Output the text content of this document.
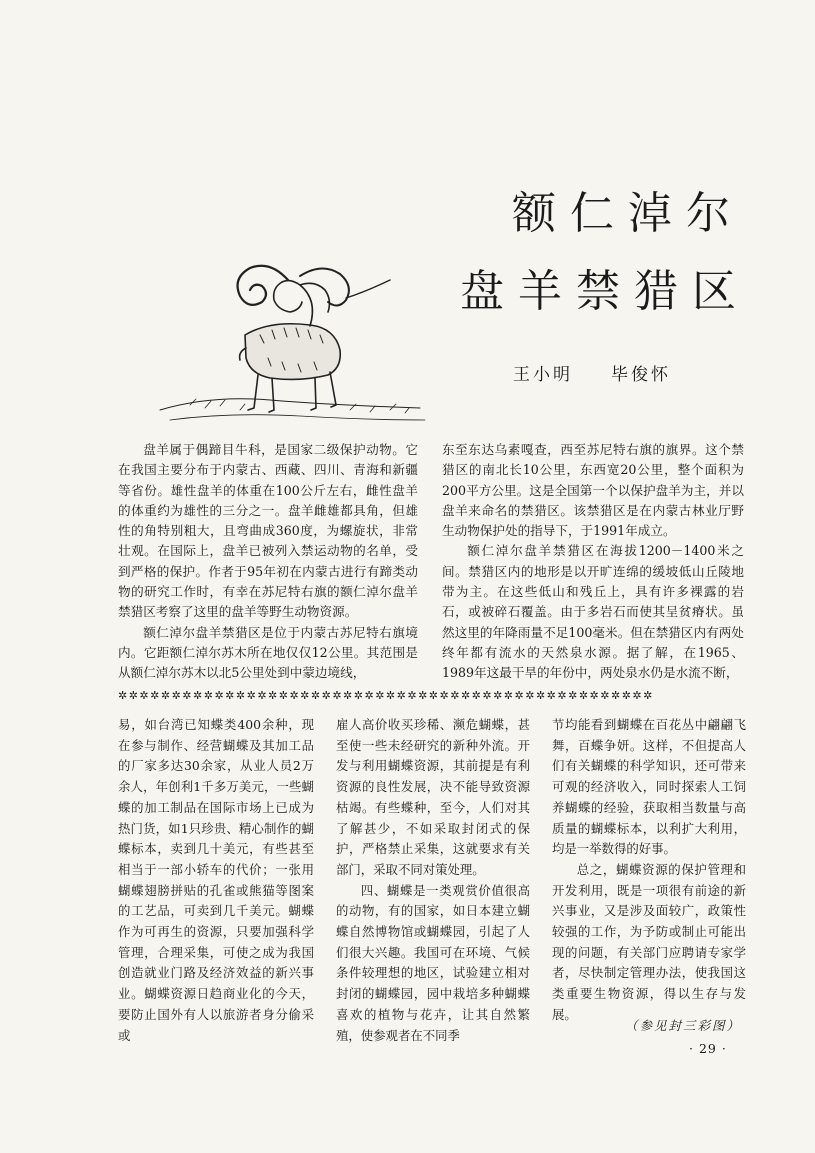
额仁淖尔
盘羊禁猎区
王小明 毕俊怀

盘羊属于偶蹄目牛科，是国家二级保护动物。它在我国主要分布于内蒙古、西藏、四川、青海和新疆等省份。雄性盘羊的体重在100公斤左右，雌性盘羊的体重约为雄性的三分之一。盘羊雌雄都具角，但雄性的角特别粗大，且弯曲成360度，为螺旋状，非常壮观。在国际上，盘羊已被列入禁运动物的名单，受到严格的保护。作者于95年初在内蒙古进行有蹄类动物的研究工作时，有幸在苏尼特右旗的额仁淖尔盘羊禁猎区考察了这里的盘羊等野生动物资源。

额仁淖尔盘羊禁猎区是位于内蒙古苏尼特右旗境内。它距额仁淖尔苏木所在地仅仅12公里。其范围是从额仁淖尔苏木以北5公里处到中蒙边境线，

东至东达乌素嘎查，西至苏尼特右旗的旗界。这个禁猎区的南北长10公里，东西宽20公里，整个面积为200平方公里。这是全国第一个以保护盘羊为主，并以盘羊来命名的禁猎区。该禁猎区是在内蒙古林业厅野生动物保护处的指导下，于1991年成立。

额仁淖尔盘羊禁猎区在海拔1200－1400米之间。禁猎区内的地形是以开旷连绵的缓坡低山丘陵地带为主。在这些低山和残丘上，具有许多裸露的岩石，或被碎石覆盖。由于多岩石而使其呈贫瘠状。虽然这里的年降雨量不足100毫米。但在禁猎区内有两处终年都有流水的天然泉水源。据了解，在1965、1989年这最干旱的年份中，两处泉水仍是水流不断，

✲✲✲✲✲✲✲✲✲✲✲✲✲✲✲✲✲✲✲✲✲✲✲✲✲✲✲✲✲✲✲✲✲✲✲✲✲✲✲✲✲✲✲✲✲✲✲✲✲✲

易，如台湾已知蝶类400余种，现在参与制作、经营蝴蝶及其加工品的厂家多达30余家，从业人员2万余人，年创利1千多万美元，一些蝴蝶的加工制品在国际市场上已成为热门货，如1只珍贵、精心制作的蝴蝶标本，卖到几十美元，有些甚至相当于一部小轿车的代价；一张用蝴蝶翅膀拼贴的孔雀或熊猫等图案的工艺品，可卖到几千美元。蝴蝶作为可再生的资源，只要加强科学管理，合理采集，可使之成为我国创造就业门路及经济效益的新兴事业。蝴蝶资源日趋商业化的今天，要防止国外有人以旅游者身分偷采或

雇人高价收买珍稀、濒危蝴蝶，甚至使一些未经研究的新种外流。开发与利用蝴蝶资源，其前提是有利资源的良性发展，决不能导致资源枯竭。有些蝶种，至今，人们对其了解甚少，不如采取封闭式的保护，严格禁止采集，这就要求有关部门，采取不同对策处理。

四、蝴蝶是一类观赏价值很高的动物，有的国家，如日本建立蝴蝶自然博物馆或蝴蝶园，引起了人们很大兴趣。我国可在环境、气候条件较理想的地区，试验建立相对封闭的蝴蝶园，园中栽培多种蝴蝶喜欢的植物与花卉，让其自然繁殖，使参观者在不同季

节均能看到蝴蝶在百花丛中翩翩飞舞，百蝶争妍。这样，不但提高人们有关蝴蝶的科学知识，还可带来可观的经济收入，同时探索人工饲养蝴蝶的经验，获取相当数量与高质量的蝴蝶标本，以利扩大利用，均是一举数得的好事。

总之，蝴蝶资源的保护管理和开发利用，既是一项很有前途的新兴事业，又是涉及面较广，政策性较强的工作，为予防或制止可能出现的问题，有关部门应聘请专家学者，尽快制定管理办法，使我国这类重要生物资源，得以生存与发展。

（参见封三彩图）
· 29 ·
